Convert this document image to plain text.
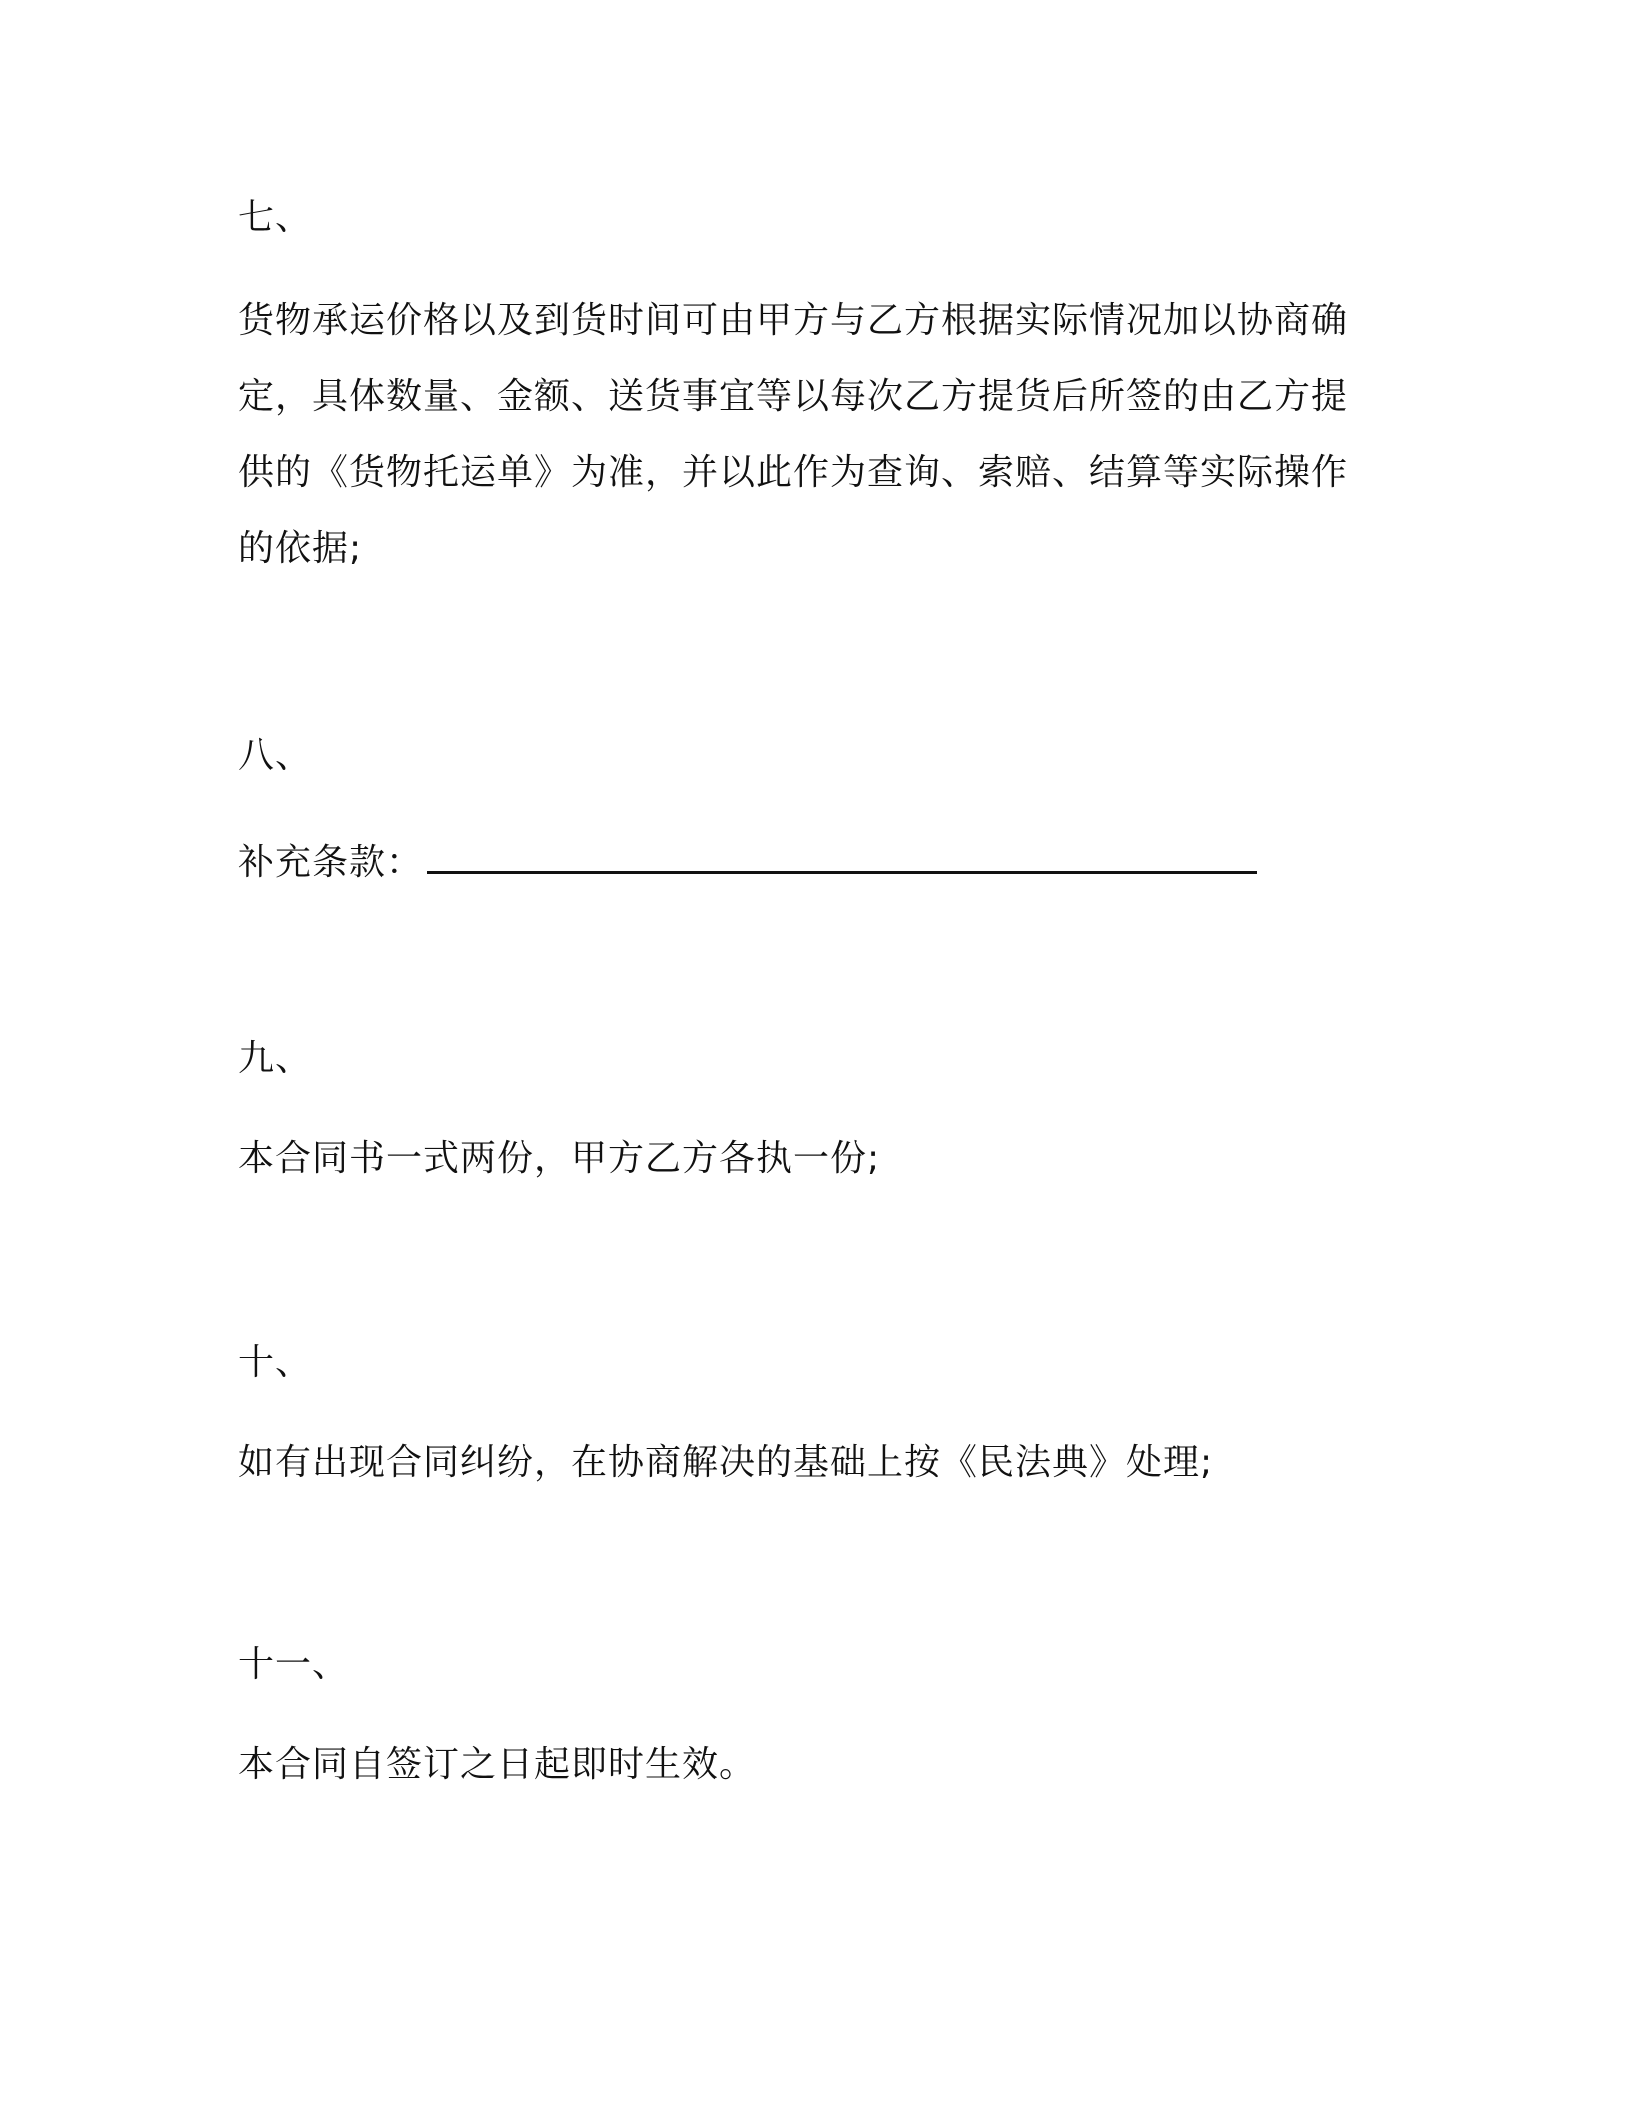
七、
货物承运价格以及到货时间可由甲方与乙方根据实际情况加以协商确定，具体数量、金额、送货事宜等以每次乙方提货后所签的由乙方提供的《货物托运单》为准，并以此作为查询、索赔、结算等实际操作的依据;
八、
补充条款：
九、
本合同书一式两份，甲方乙方各执一份;
十、
如有出现合同纠纷，在协商解决的基础上按《民法典》处理;
十一、
本合同自签订之日起即时生效。
